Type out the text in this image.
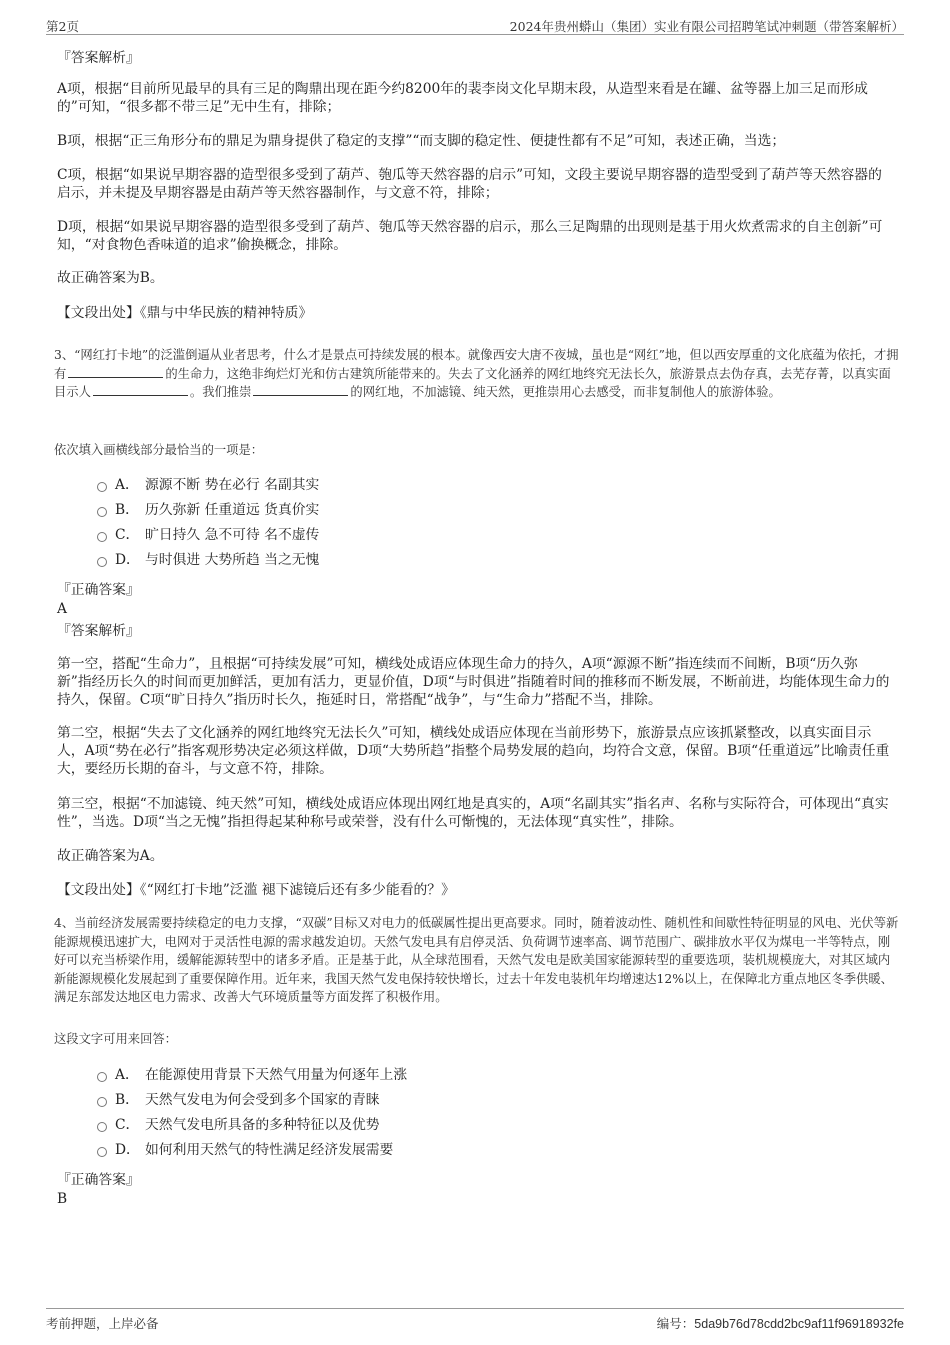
第2页	2024年贵州蟒山（集团）实业有限公司招聘笔试冲刺题（带答案解析）
『答案解析』
A项，根据“目前所见最早的具有三足的陶鼎出现在距今约8200年的裴李岗文化早期末段，从造型来看是在罐、盆等器上加三足而形成的”可知，“很多都不带三足”无中生有，排除；
B项，根据“正三角形分布的鼎足为鼎身提供了稳定的支撑”“而支脚的稳定性、便捷性都有不足”可知，表述正确，当选；
C项，根据“如果说早期容器的造型很多受到了葫芦、匏瓜等天然容器的启示”可知，文段主要说早期容器的造型受到了葫芦等天然容器的启示，并未提及早期容器是由葫芦等天然容器制作，与文意不符，排除；
D项，根据“如果说早期容器的造型很多受到了葫芦、匏瓜等天然容器的启示，那么三足陶鼎的出现则是基于用火炊煮需求的自主创新”可知，“对食物色香味道的追求”偷换概念，排除。
故正确答案为B。
【文段出处】《鼎与中华民族的精神特质》
3、“网红打卡地”的泛滥倒逼从业者思考，什么才是景点可持续发展的根本。就像西安大唐不夜城，虽也是“网红”地，但以西安厚重的文化底蕴为依托，才拥有	的生命力，这绝非绚烂灯光和仿古建筑所能带来的。失去了文化涵养的网红地终究无法长久，旅游景点去伪存真，去芜存菁，以真实面目示人	。我们推崇	的网红地，不加滤镜、纯天然，更推崇用心去感受，而非复制他人的旅游体验。
依次填入画横线部分最恰当的一项是：
A． 源源不断 势在必行 名副其实
B． 历久弥新 任重道远 货真价实
C． 旷日持久 急不可待 名不虚传
D． 与时俱进 大势所趋 当之无愧
『正确答案』
A
『答案解析』
第一空，搭配“生命力”，且根据“可持续发展”可知，横线处成语应体现生命力的持久，A项“源源不断”指连续而不间断，B项“历久弥新”指经历长久的时间而更加鲜活，更加有活力，更显价值，D项“与时俱进”指随着时间的推移而不断发展，不断前进，均能体现生命力的持久，保留。C项“旷日持久”指历时长久，拖延时日，常搭配“战争”，与“生命力”搭配不当，排除。
第二空，根据“失去了文化涵养的网红地终究无法长久”可知，横线处成语应体现在当前形势下，旅游景点应该抓紧整改，以真实面目示人，A项“势在必行”指客观形势决定必须这样做，D项“大势所趋”指整个局势发展的趋向，均符合文意，保留。B项“任重道远”比喻责任重大，要经历长期的奋斗，与文意不符，排除。
第三空，根据“不加滤镜、纯天然”可知，横线处成语应体现出网红地是真实的，A项“名副其实”指名声、名称与实际符合，可体现出“真实性”，当选。D项“当之无愧”指担得起某种称号或荣誉，没有什么可惭愧的，无法体现“真实性”，排除。
故正确答案为A。
【文段出处】《“网红打卡地”泛滥 褪下滤镜后还有多少能看的？》
4、当前经济发展需要持续稳定的电力支撑，“双碳”目标又对电力的低碳属性提出更高要求。同时，随着波动性、随机性和间歇性特征明显的风电、光伏等新能源规模迅速扩大，电网对于灵活性电源的需求越发迫切。天然气发电具有启停灵活、负荷调节速率高、调节范围广、碳排放水平仅为煤电一半等特点，刚好可以充当桥梁作用，缓解能源转型中的诸多矛盾。正是基于此，从全球范围看，天然气发电是欧美国家能源转型的重要选项，装机规模庞大，对其区域内新能源规模化发展起到了重要保障作用。近年来，我国天然气发电保持较快增长，过去十年发电装机年均增速达12%以上，在保障北方重点地区冬季供暖、满足东部发达地区电力需求、改善大气环境质量等方面发挥了积极作用。
这段文字可用来回答：
A． 在能源使用背景下天然气用量为何逐年上涨
B． 天然气发电为何会受到多个国家的青睐
C． 天然气发电所具备的多种特征以及优势
D． 如何利用天然气的特性满足经济发展需要
『正确答案』
B
考前押题，上岸必备	编号：5da9b76d78cdd2bc9af11f96918932fe
